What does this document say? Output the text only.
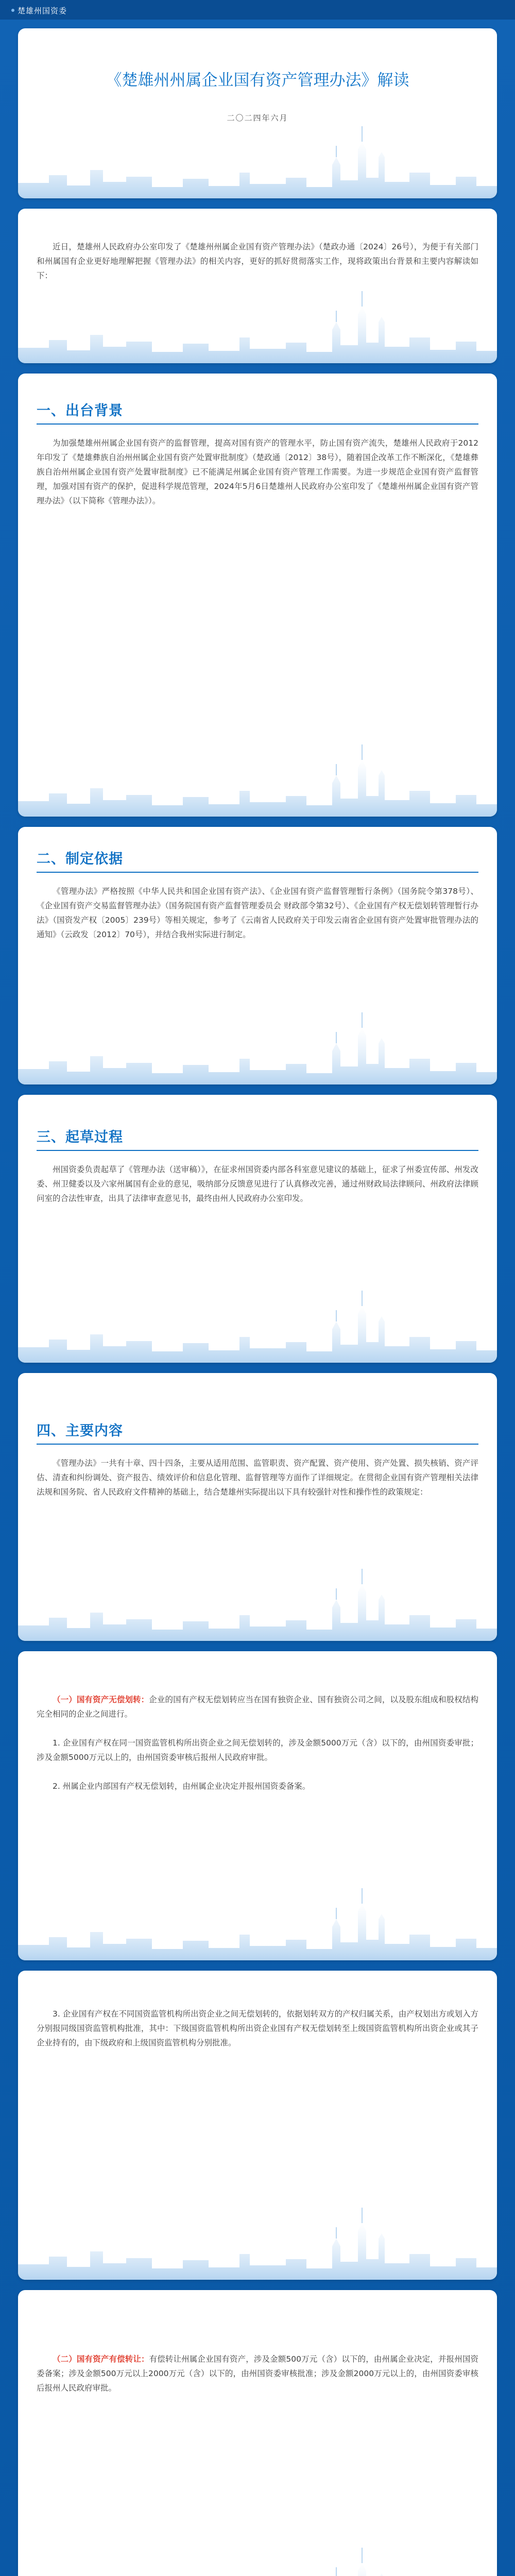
楚雄州国资委
《楚雄州州属企业国有资产管理办法》解读
二〇二四年六月

近日，楚雄州人民政府办公室印发了《楚雄州州属企业国有资产管理办法》（楚政办通〔2024〕26号），为便于有关部门和州属国有企业更好地理解把握《管理办法》的相关内容，更好的抓好贯彻落实工作，现将政策出台背景和主要内容解读如下：

一、出台背景

为加强楚雄州州属企业国有资产的监督管理，提高对国有资产的管理水平，防止国有资产流失，楚雄州人民政府于2012年印发了《楚雄彝族自治州州属企业国有资产处置审批制度》（楚政通〔2012〕38号），随着国企改革工作不断深化，《楚雄彝族自治州州属企业国有资产处置审批制度》已不能满足州属企业国有资产管理工作需要。为进一步规范企业国有资产监督管理，加强对国有资产的保护，促进科学规范管理，2024年5月6日楚雄州人民政府办公室印发了《楚雄州州属企业国有资产管理办法》（以下简称《管理办法》）。

二、制定依据

《管理办法》严格按照《中华人民共和国企业国有资产法》、《企业国有资产监督管理暂行条例》（国务院令第378号）、《企业国有资产交易监督管理办法》（国务院国有资产监督管理委员会 财政部令第32号）、《企业国有产权无偿划转管理暂行办法》（国资发产权〔2005〕239号）等相关规定，参考了《云南省人民政府关于印发云南省企业国有资产处置审批管理办法的通知》（云政发〔2012〕70号），并结合我州实际进行制定。

三、起草过程

州国资委负责起草了《管理办法（送审稿）》，在征求州国资委内部各科室意见建议的基础上，征求了州委宣传部、州发改委、州卫健委以及六家州属国有企业的意见，吸纳部分反馈意见进行了认真修改完善，通过州财政局法律顾问、州政府法律顾问室的合法性审查，出具了法律审查意见书，最终由州人民政府办公室印发。

四、主要内容

《管理办法》一共有十章、四十四条，主要从适用范围、监管职责、资产配置、资产使用、资产处置、损失核销、资产评估、清查和纠纷调处、资产报告、绩效评价和信息化管理、监督管理等方面作了详细规定。在贯彻企业国有资产管理相关法律法规和国务院、省人民政府文件精神的基础上，结合楚雄州实际提出以下具有较强针对性和操作性的政策规定：

（一）国有资产无偿划转：企业的国有产权无偿划转应当在国有独资企业、国有独资公司之间，以及股东组成和股权结构完全相同的企业之间进行。

1. 企业国有产权在同一国资监管机构所出资企业之间无偿划转的，涉及金额5000万元（含）以下的，由州国资委审批；涉及金额5000万元以上的，由州国资委审核后报州人民政府审批。

2. 州属企业内部国有产权无偿划转，由州属企业决定并报州国资委备案。

3. 企业国有产权在不同国资监管机构所出资企业之间无偿划转的，依据划转双方的产权归属关系，由产权划出方或划入方分别报同级国资监管机构批准，其中：下级国资监管机构所出资企业国有产权无偿划转至上级国资监管机构所出资企业或其子企业持有的，由下级政府和上级国资监管机构分别批准。

（二）国有资产有偿转让：有偿转让州属企业国有资产，涉及金额500万元（含）以下的，由州属企业决定，并报州国资委备案；涉及金额500万元以上2000万元（含）以下的，由州国资委审核批准；涉及金额2000万元以上的，由州国资委审核后报州人民政府审批。
